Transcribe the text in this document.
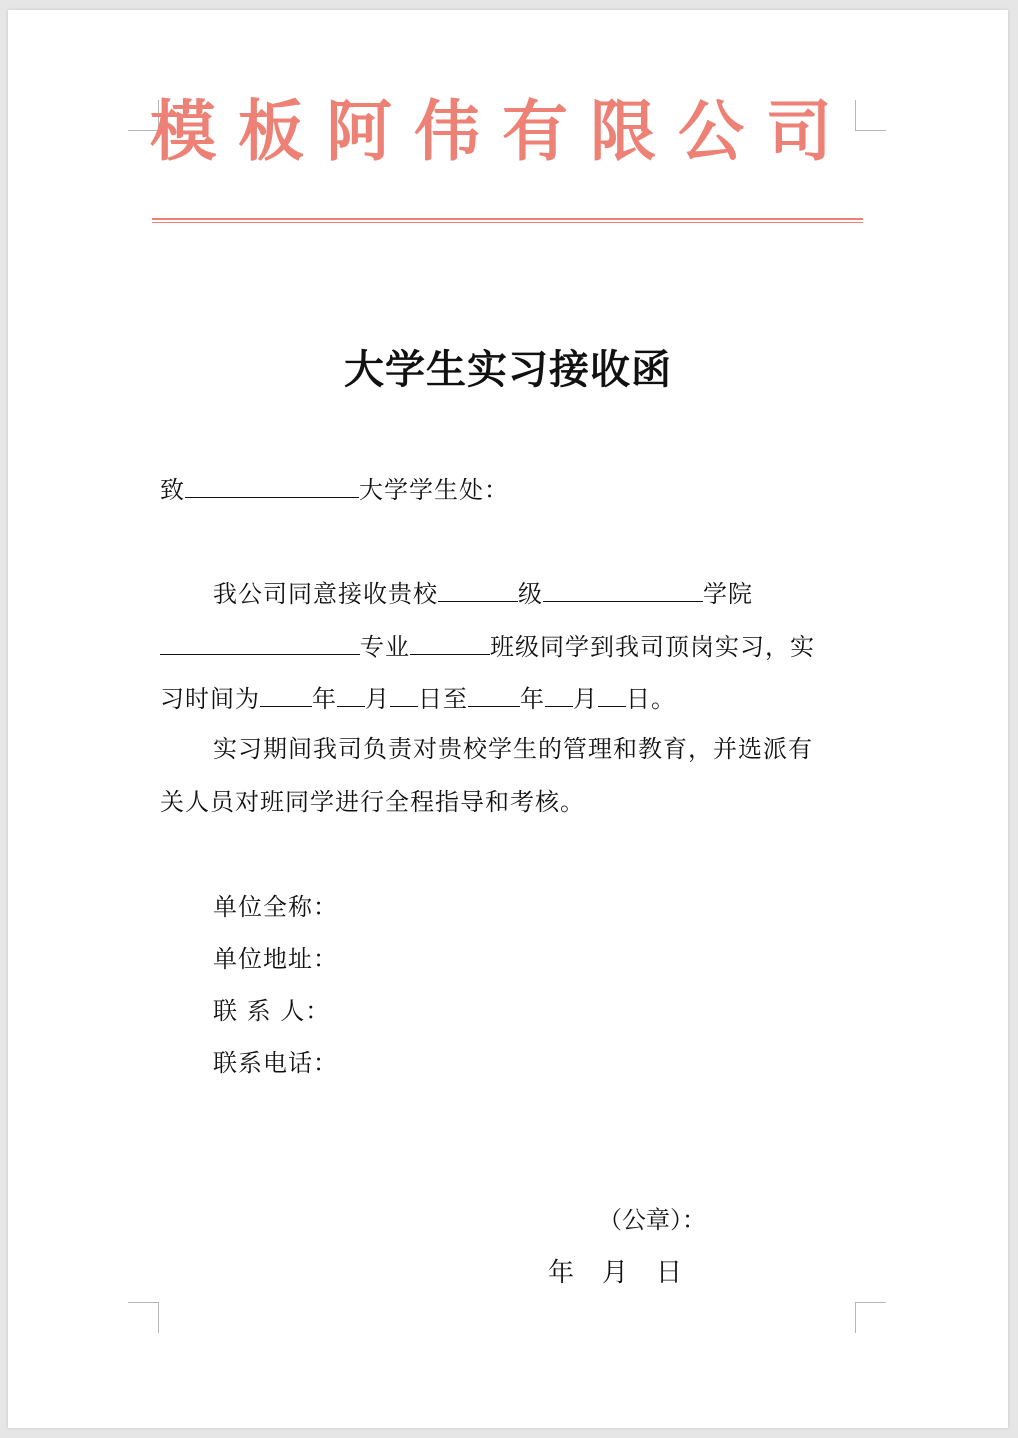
模板阿伟有限公司
大学生实习接收函
致	大学学生处：
我公司同意接收贵校	级	学院
专业	班级同学到我司顶岗实习，实
习时间为 年 月 日至 年 月 日。
实习期间我司负责对贵校学生的管理和教育，并选派有
关人员对班同学进行全程指导和考核。
单位全称：
单位地址：
联 系 人：
联系电话：
（公章）：
年 月 日
